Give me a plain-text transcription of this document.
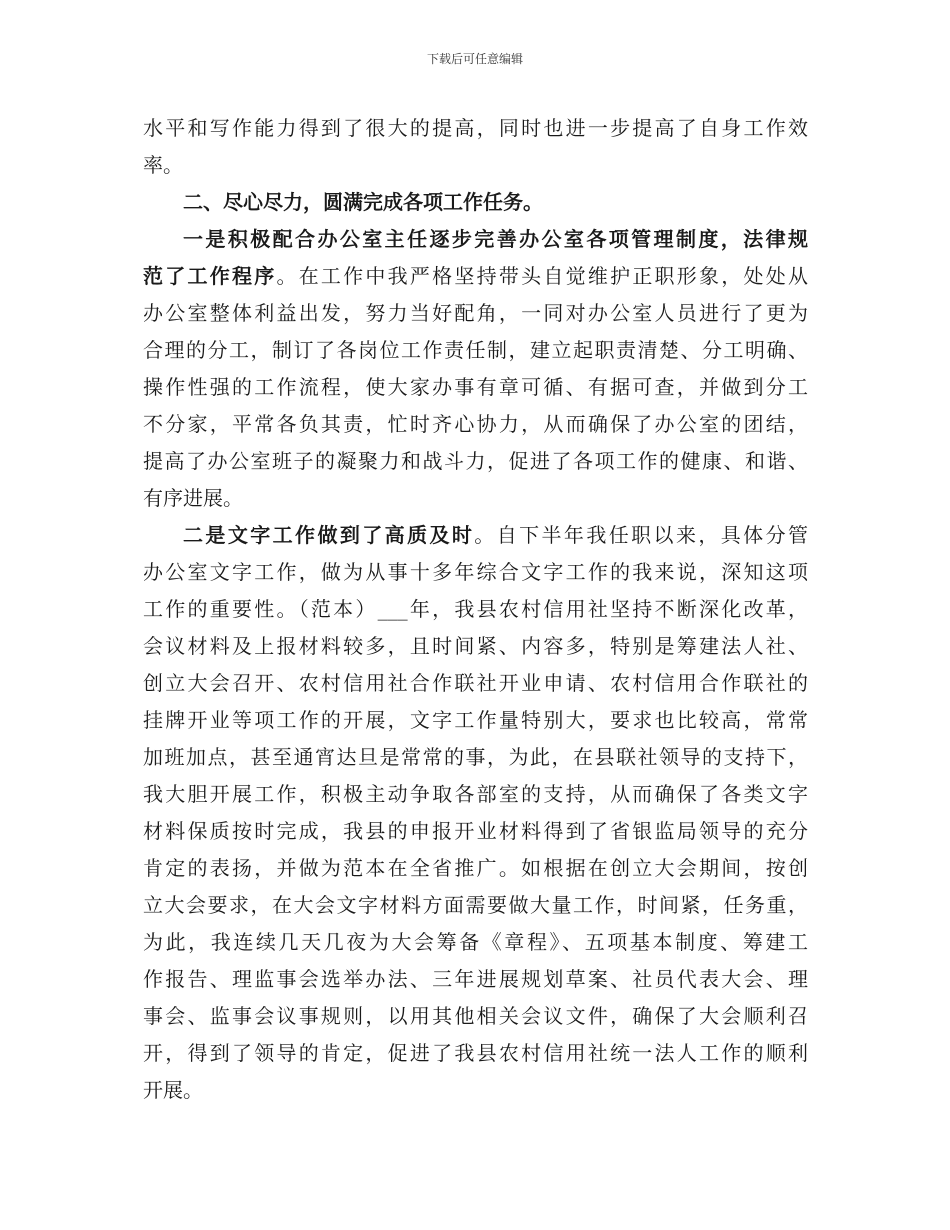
下载后可任意编辑
水平和写作能力得到了很大的提高，同时也进一步提高了自身工作效
率。
二、尽心尽力，圆满完成各项工作任务。
一是积极配合办公室主任逐步完善办公室各项管理制度，法律规
范了工作程序。在工作中我严格坚持带头自觉维护正职形象，处处从
办公室整体利益出发，努力当好配角，一同对办公室人员进行了更为
合理的分工，制订了各岗位工作责任制，建立起职责清楚、分工明确、
操作性强的工作流程，使大家办事有章可循、有据可查，并做到分工
不分家，平常各负其责，忙时齐心协力，从而确保了办公室的团结，
提高了办公室班子的凝聚力和战斗力，促进了各项工作的健康、和谐、
有序进展。
二是文字工作做到了高质及时。自下半年我任职以来，具体分管
办公室文字工作，做为从事十多年综合文字工作的我来说，深知这项
工作的重要性。（范本）___年，我县农村信用社坚持不断深化改革，
会议材料及上报材料较多，且时间紧、内容多，特别是筹建法人社、
创立大会召开、农村信用社合作联社开业申请、农村信用合作联社的
挂牌开业等项工作的开展，文字工作量特别大，要求也比较高，常常
加班加点，甚至通宵达旦是常常的事，为此，在县联社领导的支持下，
我大胆开展工作，积极主动争取各部室的支持，从而确保了各类文字
材料保质按时完成，我县的申报开业材料得到了省银监局领导的充分
肯定的表扬，并做为范本在全省推广。如根据在创立大会期间，按创
立大会要求，在大会文字材料方面需要做大量工作，时间紧，任务重，
为此，我连续几天几夜为大会筹备《章程》、五项基本制度、筹建工
作报告、理监事会选举办法、三年进展规划草案、社员代表大会、理
事会、监事会议事规则，以用其他相关会议文件，确保了大会顺利召
开，得到了领导的肯定，促进了我县农村信用社统一法人工作的顺利
开展。
